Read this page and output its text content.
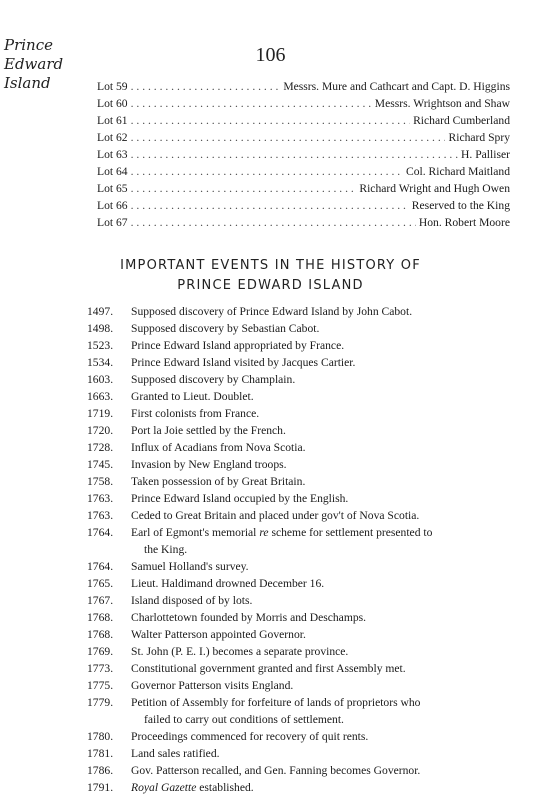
Prince Edward
Island
106
Lot 59 . . .	Messrs. Mure and Cathcart and Capt. D. Higgins
Lot 60 . . .	Messrs. Wrightson and Shaw
Lot 61 . . .	Richard Cumberland
Lot 62 . . .	Richard Spry
Lot 63 . . .	H. Palliser
Lot 64 . . .	Col. Richard Maitland
Lot 65 . . .	Richard Wright and Hugh Owen
Lot 66 . . .	Reserved to the King
Lot 67 . . .	Hon. Robert Moore
IMPORTANT EVENTS IN THE HISTORY OF
PRINCE EDWARD ISLAND
1497.	Supposed discovery of Prince Edward Island by John Cabot.
1498.	Supposed discovery by Sebastian Cabot.
1523.	Prince Edward Island appropriated by France.
1534.	Prince Edward Island visited by Jacques Cartier.
1603.	Supposed discovery by Champlain.
1663.	Granted to Lieut. Doublet.
1719.	First colonists from France.
1720.	Port la Joie settled by the French.
1728.	Influx of Acadians from Nova Scotia.
1745.	Invasion by New England troops.
1758.	Taken possession of by Great Britain.
1763.	Prince Edward Island occupied by the English.
1763.	Ceded to Great Britain and placed under gov't of Nova Scotia.
1764.	Earl of Egmont's memorial re scheme for settlement presented to
the King.
1764.	Samuel Holland's survey.
1765.	Lieut. Haldimand drowned December 16.
1767.	Island disposed of by lots.
1768.	Charlottetown founded by Morris and Deschamps.
1768.	Walter Patterson appointed Governor.
1769.	St. John (P. E. I.) becomes a separate province.
1773.	Constitutional government granted and first Assembly met.
1775.	Governor Patterson visits England.
1779.	Petition of Assembly for forfeiture of lands of proprietors who
failed to carry out conditions of settlement.
1780.	Proceedings commenced for recovery of quit rents.
1781.	Land sales ratified.
1786.	Gov. Patterson recalled, and Gen. Fanning becomes Governor.
1791.	Royal Gazette established.
